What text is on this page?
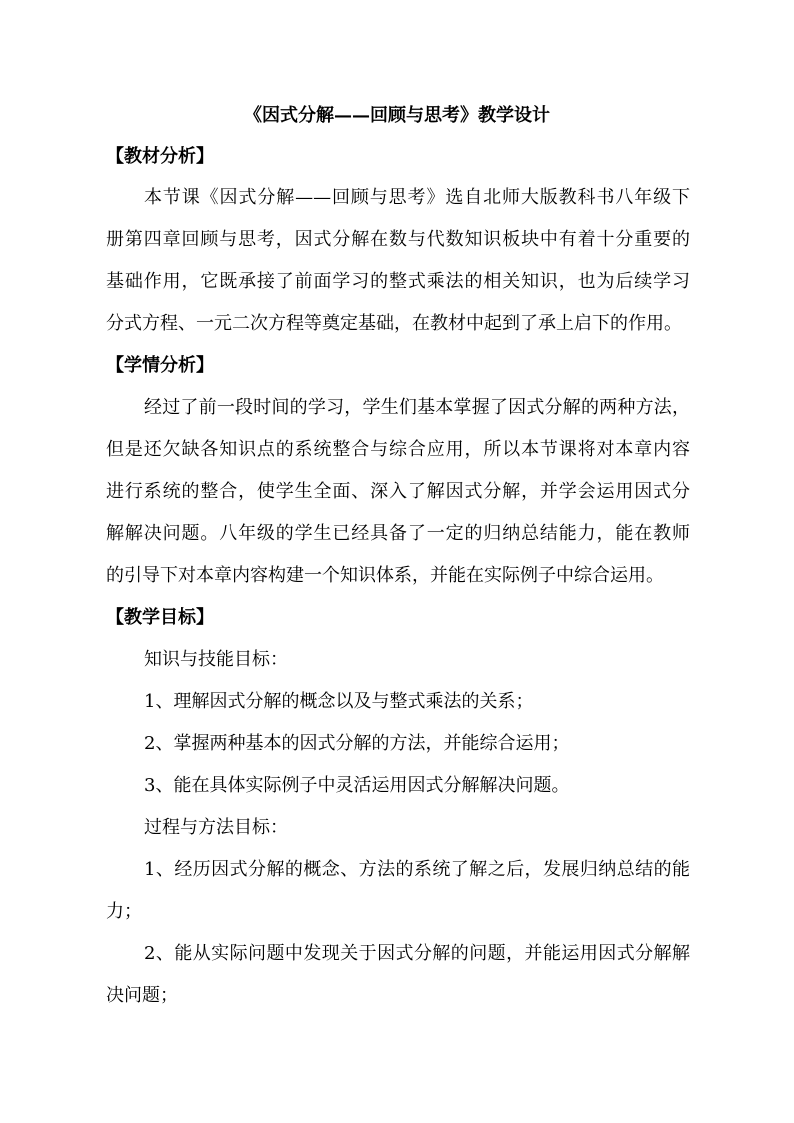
《因式分解——回顾与思考》教学设计
【教材分析】
本节课《因式分解——回顾与思考》选自北师大版教科书八年级下
册第四章回顾与思考，因式分解在数与代数知识板块中有着十分重要的
基础作用，它既承接了前面学习的整式乘法的相关知识，也为后续学习
分式方程、一元二次方程等奠定基础，在教材中起到了承上启下的作用。
【学情分析】
经过了前一段时间的学习，学生们基本掌握了因式分解的两种方法，
但是还欠缺各知识点的系统整合与综合应用，所以本节课将对本章内容
进行系统的整合，使学生全面、深入了解因式分解，并学会运用因式分
解解决问题。八年级的学生已经具备了一定的归纳总结能力，能在教师
的引导下对本章内容构建一个知识体系，并能在实际例子中综合运用。
【教学目标】
知识与技能目标：
1、理解因式分解的概念以及与整式乘法的关系；
2、掌握两种基本的因式分解的方法，并能综合运用；
3、能在具体实际例子中灵活运用因式分解解决问题。
过程与方法目标：
1、经历因式分解的概念、方法的系统了解之后，发展归纳总结的能
力；
2、能从实际问题中发现关于因式分解的问题，并能运用因式分解解
决问题；
